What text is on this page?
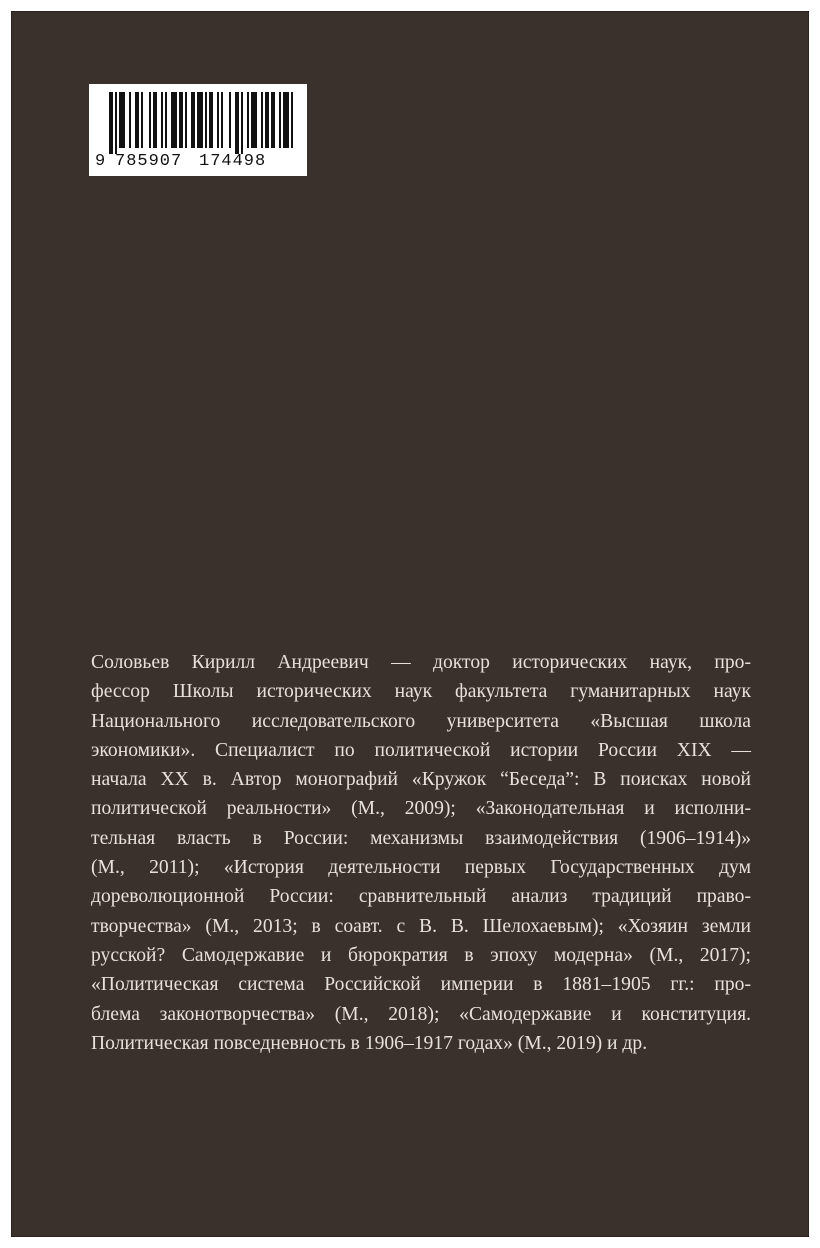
9 785907 174498
Соловьев Кирилл Андреевич — доктор исторических наук, про-
фессор Школы исторических наук факультета гуманитарных наук
Национального исследовательского университета «Высшая школа
экономики». Специалист по политической истории России XIX —
начала XX в. Автор монографий «Кружок “Беседа”: В поисках новой
политической реальности» (М., 2009); «Законодательная и исполни-
тельная власть в России: механизмы взаимодействия (1906–1914)»
(М., 2011); «История деятельности первых Государственных дум
дореволюционной России: сравнительный анализ традиций право-
творчества» (М., 2013; в соавт. с В. В. Шелохаевым); «Хозяин земли
русской? Самодержавие и бюрократия в эпоху модерна» (М., 2017);
«Политическая система Российской империи в 1881–1905 гг.: про-
блема законотворчества» (М., 2018); «Самодержавие и конституция.
Политическая повседневность в 1906–1917 годах» (М., 2019) и др.
